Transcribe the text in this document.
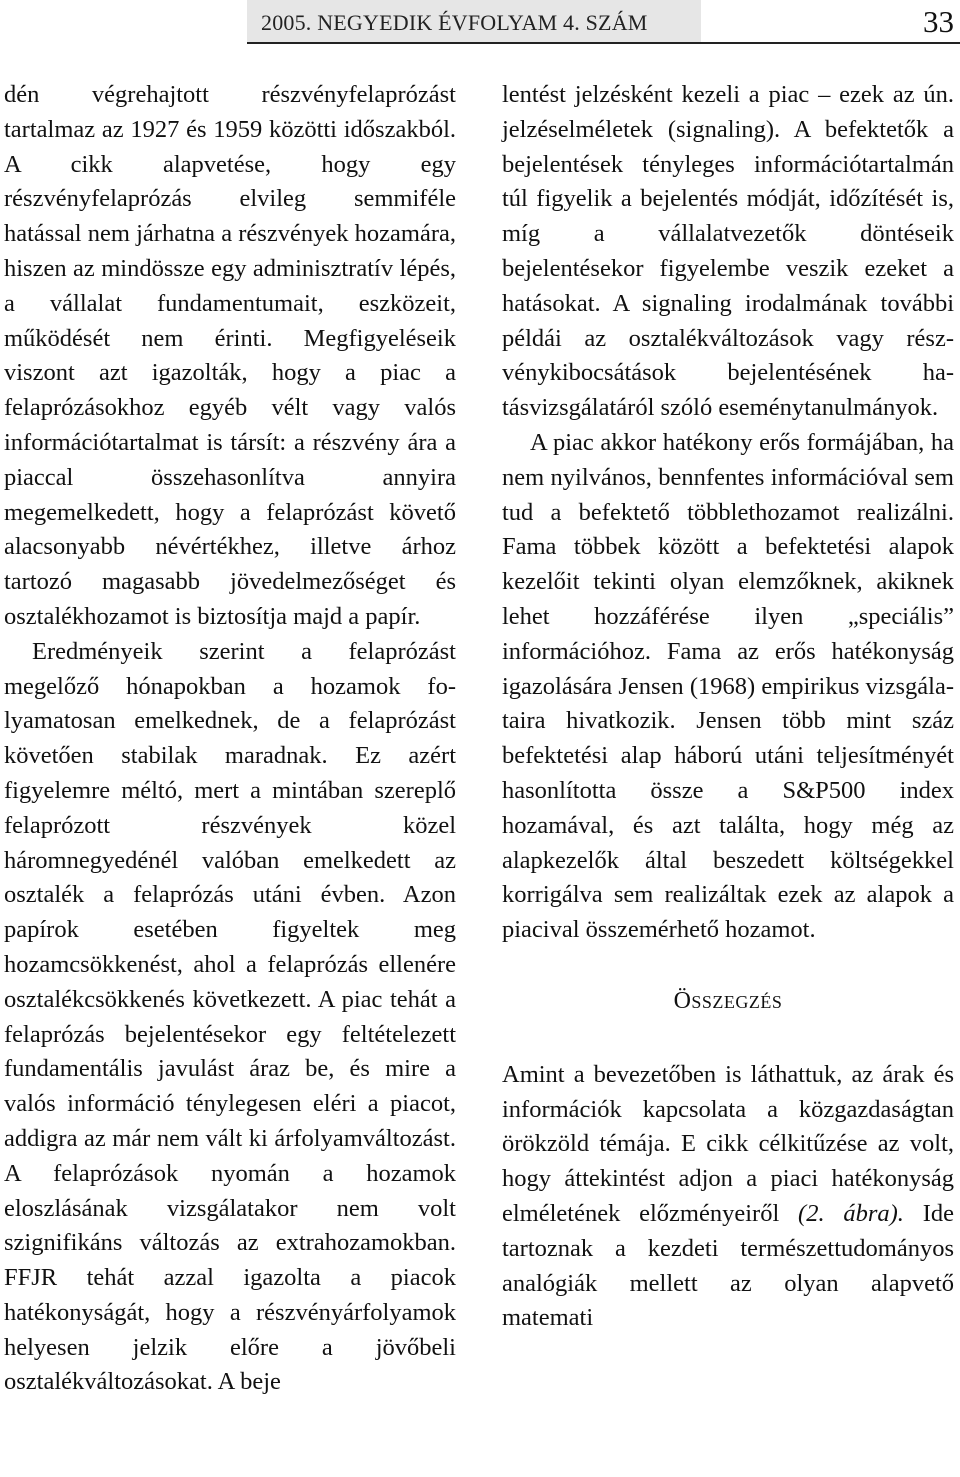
2005. NEGYEDIK ÉVFOLYAM 4. SZÁM	33

dén végrehajtott részvényfelaprózást tartalmaz az 1927 és 1959 közötti időszakból. A cikk alapvetése, hogy egy részvényfelaprózás elvileg semmiféle hatással nem járhatna a részvények hozamára, hiszen az mindössze egy adminisztratív lépés, a vállalat fundamentumait, eszközeit, működését nem érinti. Megfigyeléseik viszont azt igazolták, hogy a piac a felaprózásokhoz egyéb vélt vagy valós információtartalmat is társít: a részvény ára a piaccal összehasonlítva annyira megemelkedett, hogy a felaprózást követő alacsonyabb névértékhez, illetve árhoz tartozó magasabb jövedelmezőséget és osztalékhozamot is biztosítja majd a papír.

Eredményeik szerint a felaprózást megelőző hónapokban a hozamok folyamatosan emelkednek, de a felaprózást követően stabilak maradnak. Ez azért figyelemre méltó, mert a mintában szereplő felaprózott részvények közel háromnegyedénél valóban emelkedett az osztalék a felaprózás utáni évben. Azon papírok esetében figyeltek meg hozamcsökkenést, ahol a felaprózás ellenére osztalékcsökkenés következett. A piac tehát a felaprózás bejelentésekor egy feltételezett fundamentális javulást áraz be, és mire a valós információ ténylegesen eléri a piacot, addigra az már nem vált ki árfolyamváltozást. A felaprózások nyomán a hozamok eloszlásának vizsgálatakor nem volt szignifikáns változás az extrahozamokban. FFJR tehát azzal igazolta a piacok hatékonyságát, hogy a részvényárfolyamok helyesen jelzik előre a jövőbeli osztalékváltozásokat. A beje

lentést jelzésként kezeli a piac – ezek az ún. jelzéselméletek (signaling). A befektetők a bejelentések tényleges információtartalmán túl figyelik a bejelentés módját, időzítését is, míg a vállalatvezetők döntéseik bejelentésekor figyelembe veszik ezeket a hatásokat. A signaling irodalmának további példái az osztalékváltozások vagy részvénykibocsátások bejelentésének hatásvizsgálatáról szóló eseménytanulmányok.

A piac akkor hatékony erős formájában, ha nem nyilvános, bennfentes információval sem tud a befektető többlethozamot realizálni. Fama többek között a befektetési alapok kezelőit tekinti olyan elemzőknek, akiknek lehet hozzáférése ilyen „speciális” információhoz. Fama az erős hatékonyság igazolására Jensen (1968) empirikus vizsgálataira hivatkozik. Jensen több mint száz befektetési alap háború utáni teljesítményét hasonlította össze a S&P500 index hozamával, és azt találta, hogy még az alapkezelők által beszedett költségekkel korrigálva sem realizáltak ezek az alapok a piacival összemérhető hozamot.

ÖSSZEGZÉS

Amint a bevezetőben is láthattuk, az árak és információk kapcsolata a közgazdaságtan örökzöld témája. E cikk célkitűzése az volt, hogy áttekintést adjon a piaci hatékonyság elméletének előzményeiről (2. ábra). Ide tartoznak a kezdeti természettudományos analógiák mellett az olyan alapvető matemati
